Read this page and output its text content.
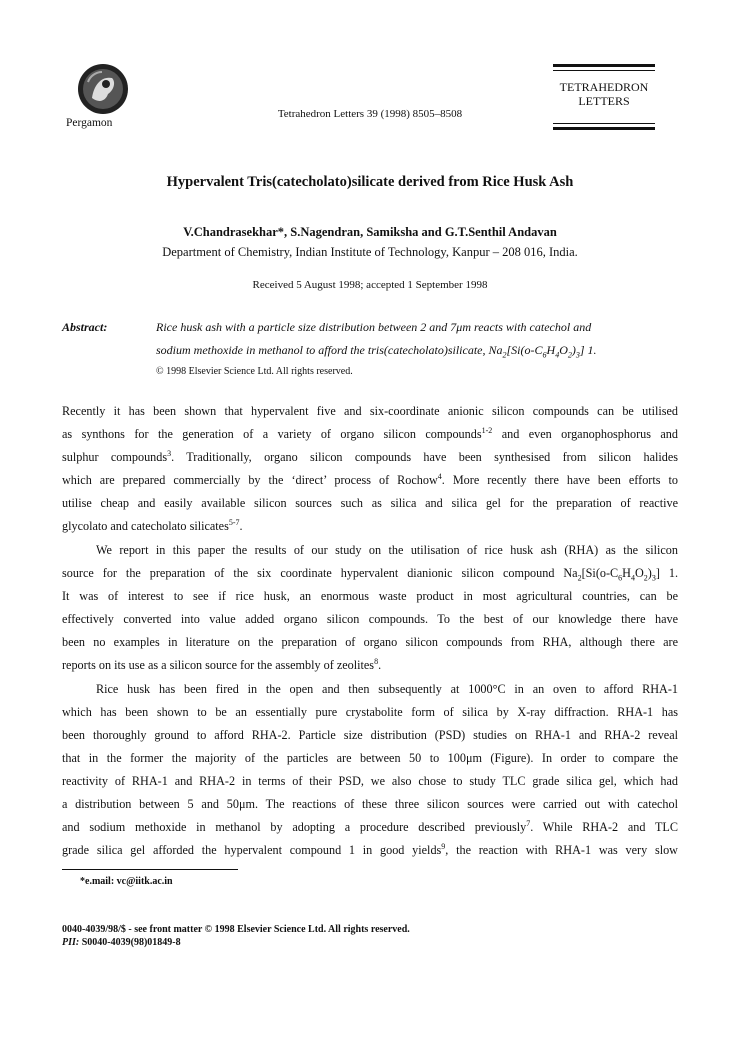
Pergamon
Tetrahedron Letters 39 (1998) 8505–8508
TETRAHEDRON
LETTERS
Hypervalent Tris(catecholato)silicate derived from Rice Husk Ash
V.Chandrasekhar*, S.Nagendran, Samiksha and G.T.Senthil Andavan
Department of Chemistry, Indian Institute of Technology, Kanpur – 208 016, India.
Received 5 August 1998; accepted 1 September 1998
Abstract:	Rice husk ash with a particle size distribution between 2 and 7μm reacts with catechol and
sodium methoxide in methanol to afford the tris(catecholato)silicate, $Na_2[Si(o-C_6H_4O_2)_3]$ 1.
© 1998 Elsevier Science Ltd. All rights reserved.
Recently it has been shown that hypervalent five and six-coordinate anionic silicon compounds can be utilised
as synthons for the generation of a variety of organo silicon compounds$^{1-2}$ and even organophosphorus and
sulphur compounds$^3$. Traditionally, organo silicon compounds have been synthesised from silicon halides
which are prepared commercially by the ‘direct’ process of Rochow$^4$. More recently there have been efforts to
utilise cheap and easily available silicon sources such as silica and silica gel for the preparation of reactive
glycolato and catecholato silicates$^{5-7}$.
We report in this paper the results of our study on the utilisation of rice husk ash (RHA) as the silicon
source for the preparation of the six coordinate hypervalent dianionic silicon compound $Na_2[Si(o-C_6H_4O_2)_3]$ 1.
It was of interest to see if rice husk, an enormous waste product in most agricultural countries, can be
effectively converted into value added organo silicon compounds. To the best of our knowledge there have
been no examples in literature on the preparation of organo silicon compounds from RHA, although there are
reports on its use as a silicon source for the assembly of zeolites$^8$.
Rice husk has been fired in the open and then subsequently at 1000°C in an oven to afford RHA-1
which has been shown to be an essentially pure crystabolite form of silica by X-ray diffraction. RHA-1 has
been thoroughly ground to afford RHA-2. Particle size distribution (PSD) studies on RHA-1 and RHA-2 reveal
that in the former the majority of the particles are between 50 to 100μm (Figure). In order to compare the
reactivity of RHA-1 and RHA-2 in terms of their PSD, we also chose to study TLC grade silica gel, which had
a distribution between 5 and 50μm. The reactions of these three silicon sources were carried out with catechol
and sodium methoxide in methanol by adopting a procedure described previously$^7$. While RHA-2 and TLC
grade silica gel afforded the hypervalent compound 1 in good yields$^9$, the reaction with RHA-1 was very slow
*e.mail: vc@iitk.ac.in
0040-4039/98/$ - see front matter © 1998 Elsevier Science Ltd. All rights reserved.
PII: S0040-4039(98)01849-8
